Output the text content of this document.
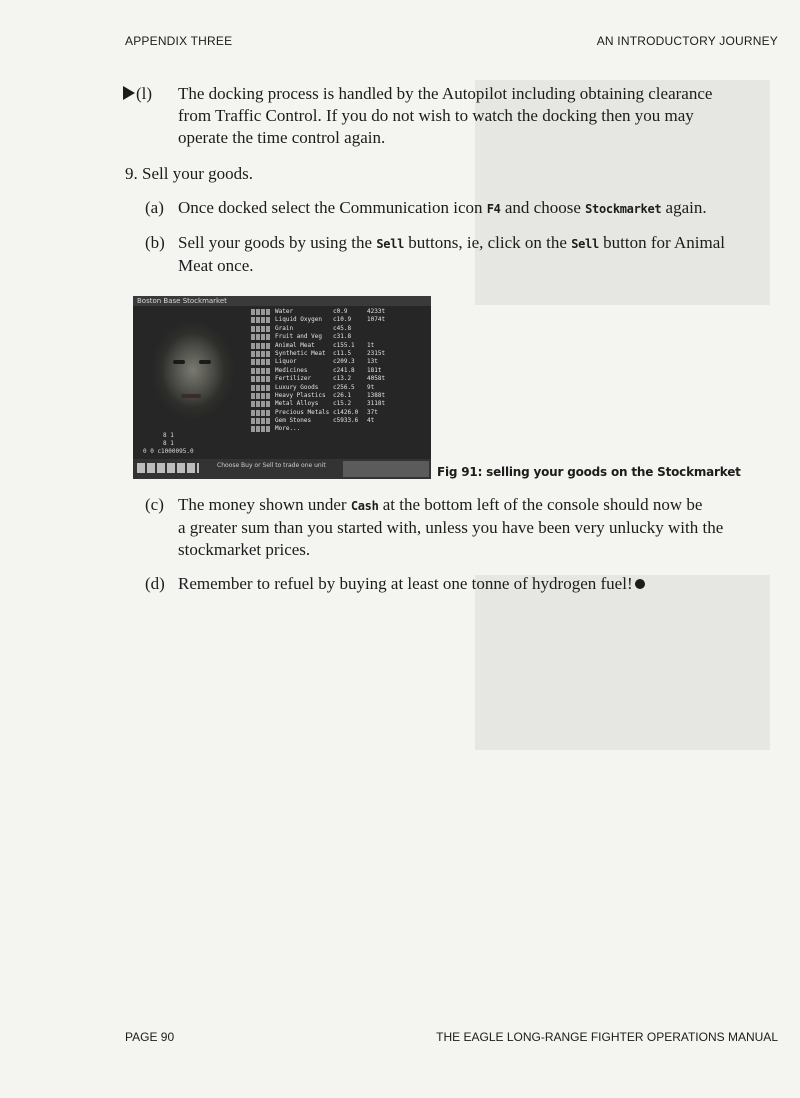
APPENDIX THREE	AN INTRODUCTORY JOURNEY
(l) The docking process is handled by the Autopilot including obtaining clearance
from Traffic Control. If you do not wish to watch the docking then you may
operate the time control again.
9. Sell your goods.
(a) Once docked select the Communication icon F4 and choose Stockmarket again.
(b) Sell your goods by using the Sell buttons, ie, click on the Sell button for Animal
Meat once.
Boston Base Stockmarket
8 1
8 1
0 0 c1000095.0
Water	c0.9	4233t
Liquid Oxygen c10.9	1074t
Grain	c45.8
Fruit and Veg c31.8
Animal Meat	c155.1 1t
Synthetic Meat c11.5	2315t
Liquor	c209.3 13t
Medicines	c241.8 181t
Fertilizer	c13.2	4058t
Luxury Goods c256.5 9t
Heavy Plastics c26.1	1388t
Metal Alloys c15.2	3118t
Precious Metals c1426.0 37t
Gem Stones	c5933.6 4t
More...
Choose Buy or Sell to trade one unit	Fig 91: selling your goods on the Stockmarket
(c) The money shown under Cash at the bottom left of the console should now be
a greater sum than you started with, unless you have been very unlucky with the
stockmarket prices.
(d) Remember to refuel by buying at least one tonne of hydrogen fuel!
PAGE 90	THE EAGLE LONG-RANGE FIGHTER OPERATIONS MANUAL
